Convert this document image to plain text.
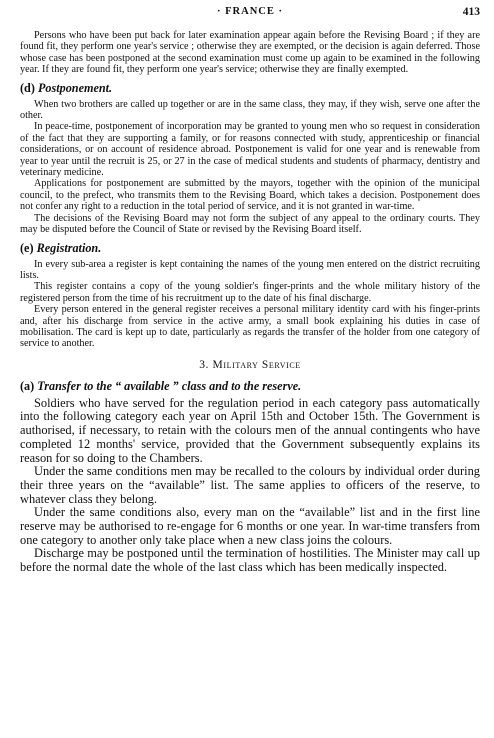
· FRANCE ·	413

Persons who have been put back for later examination appear again before the Revising Board ; if they are found fit, they perform one year's service ; otherwise they are exempted, or the decision is again deferred. Those whose case has been postponed at the second examination must come up again to be examined in the following year. If they are found fit, they perform one year's service; otherwise they are finally exempted.

(d) Postponement.

When two brothers are called up together or are in the same class, they may, if they wish, serve one after the other.

In peace-time, postponement of incorporation may be granted to young men who so request in consideration of the fact that they are supporting a family, or for reasons connected with study, apprenticeship or financial considerations, or on account of residence abroad. Postponement is valid for one year and is renewable from year to year until the recruit is 25, or 27 in the case of medical students and students of pharmacy, dentistry and veterinary medicine.

Applications for postponement are submitted by the mayors, together with the opinion of the municipal council, to the prefect, who transmits them to the Revising Board, which takes a decision. Postponement does not confer any right to a reduction in the total period of service, and it is not granted in war-time.

The decisions of the Revising Board may not form the subject of any appeal to the ordinary courts. They may be disputed before the Council of State or revised by the Revising Board itself.

(e) Registration.

In every sub-area a register is kept containing the names of the young men entered on the district recruiting lists.

This register contains a copy of the young soldier's finger-prints and the whole military history of the registered person from the time of his recruitment up to the date of his final discharge.

Every person entered in the general register receives a personal military identity card with his finger-prints and, after his discharge from service in the active army, a small book explaining his duties in case of mobilisation. The card is kept up to date, particularly as regards the transfer of the holder from one category of service to another.

3. Military Service
(a) Transfer to the “ available ” class and to the reserve.

Soldiers who have served for the regulation period in each category pass automatically into the following category each year on April 15th and October 15th. The Government is authorised, if necessary, to retain with the colours men of the annual contingents who have completed 12 months' service, provided that the Government subsequently explains its reason for so doing to the Chambers.

Under the same conditions men may be recalled to the colours by individual order during their three years on the “available” list. The same applies to officers of the reserve, to whatever class they belong.

Under the same conditions also, every man on the “available” list and in the first line reserve may be authorised to re-engage for 6 months or one year. In war-time transfers from one category to another only take place when a new class joins the colours.

Discharge may be postponed until the termination of hostilities. The Minister may call up before the normal date the whole of the last class which has been medically inspected.
